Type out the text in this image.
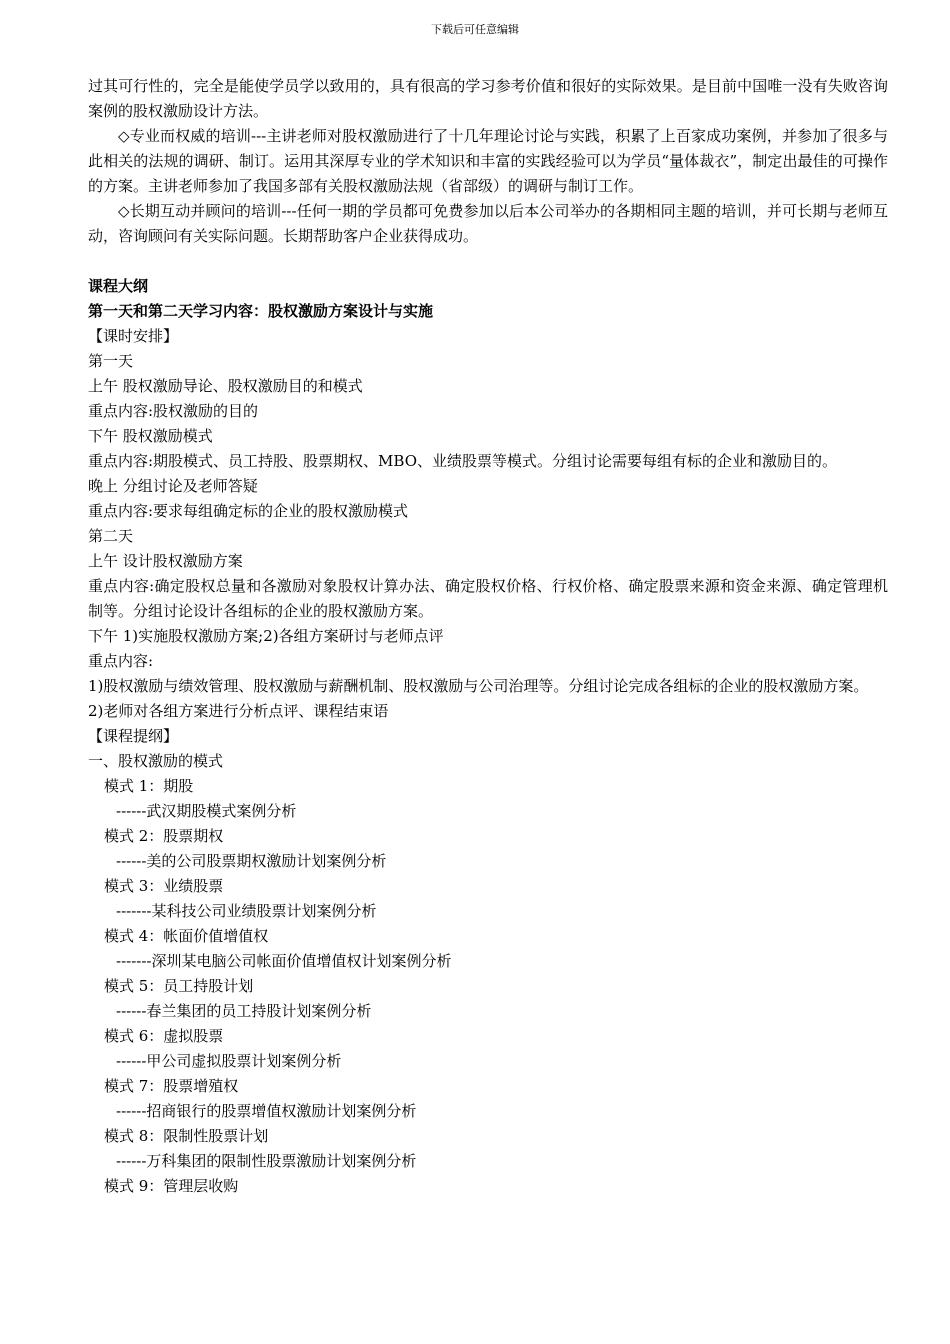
下载后可任意编辑

过其可行性的，完全是能使学员学以致用的，具有很高的学习参考价值和很好的实际效果。是目前中国唯一没有失败咨询案例的股权激励设计方法。

◇专业而权威的培训---主讲老师对股权激励进行了十几年理论讨论与实践，积累了上百家成功案例，并参加了很多与此相关的法规的调研、制订。运用其深厚专业的学术知识和丰富的实践经验可以为学员“量体裁衣”，制定出最佳的可操作的方案。主讲老师参加了我国多部有关股权激励法规（省部级）的调研与制订工作。

◇长期互动并顾问的培训---任何一期的学员都可免费参加以后本公司举办的各期相同主题的培训，并可长期与老师互动，咨询顾问有关实际问题。长期帮助客户企业获得成功。

课程大纲

第一天和第二天学习内容：股权激励方案设计与实施

【课时安排】

第一天

上午 股权激励导论、股权激励目的和模式

重点内容:股权激励的目的

下午 股权激励模式

重点内容:期股模式、员工持股、股票期权、MBO、业绩股票等模式。分组讨论需要每组有标的企业和激励目的。

晚上 分组讨论及老师答疑

重点内容:要求每组确定标的企业的股权激励模式

第二天

上午 设计股权激励方案

重点内容:确定股权总量和各激励对象股权计算办法、确定股权价格、行权价格、确定股票来源和资金来源、确定管理机制等。分组讨论设计各组标的企业的股权激励方案。

下午 1)实施股权激励方案;2)各组方案研讨与老师点评

重点内容:

1)股权激励与绩效管理、股权激励与薪酬机制、股权激励与公司治理等。分组讨论完成各组标的企业的股权激励方案。

2)老师对各组方案进行分析点评、课程结束语

【课程提纲】

一、股权激励的模式

模式 1：期股

------武汉期股模式案例分析

模式 2：股票期权

------美的公司股票期权激励计划案例分析

模式 3：业绩股票

-------某科技公司业绩股票计划案例分析

模式 4：帐面价值增值权

-------深圳某电脑公司帐面价值增值权计划案例分析

模式 5：员工持股计划

------春兰集团的员工持股计划案例分析

模式 6：虚拟股票

------甲公司虚拟股票计划案例分析

模式 7：股票增殖权

------招商银行的股票增值权激励计划案例分析

模式 8：限制性股票计划

------万科集团的限制性股票激励计划案例分析

模式 9：管理层收购
